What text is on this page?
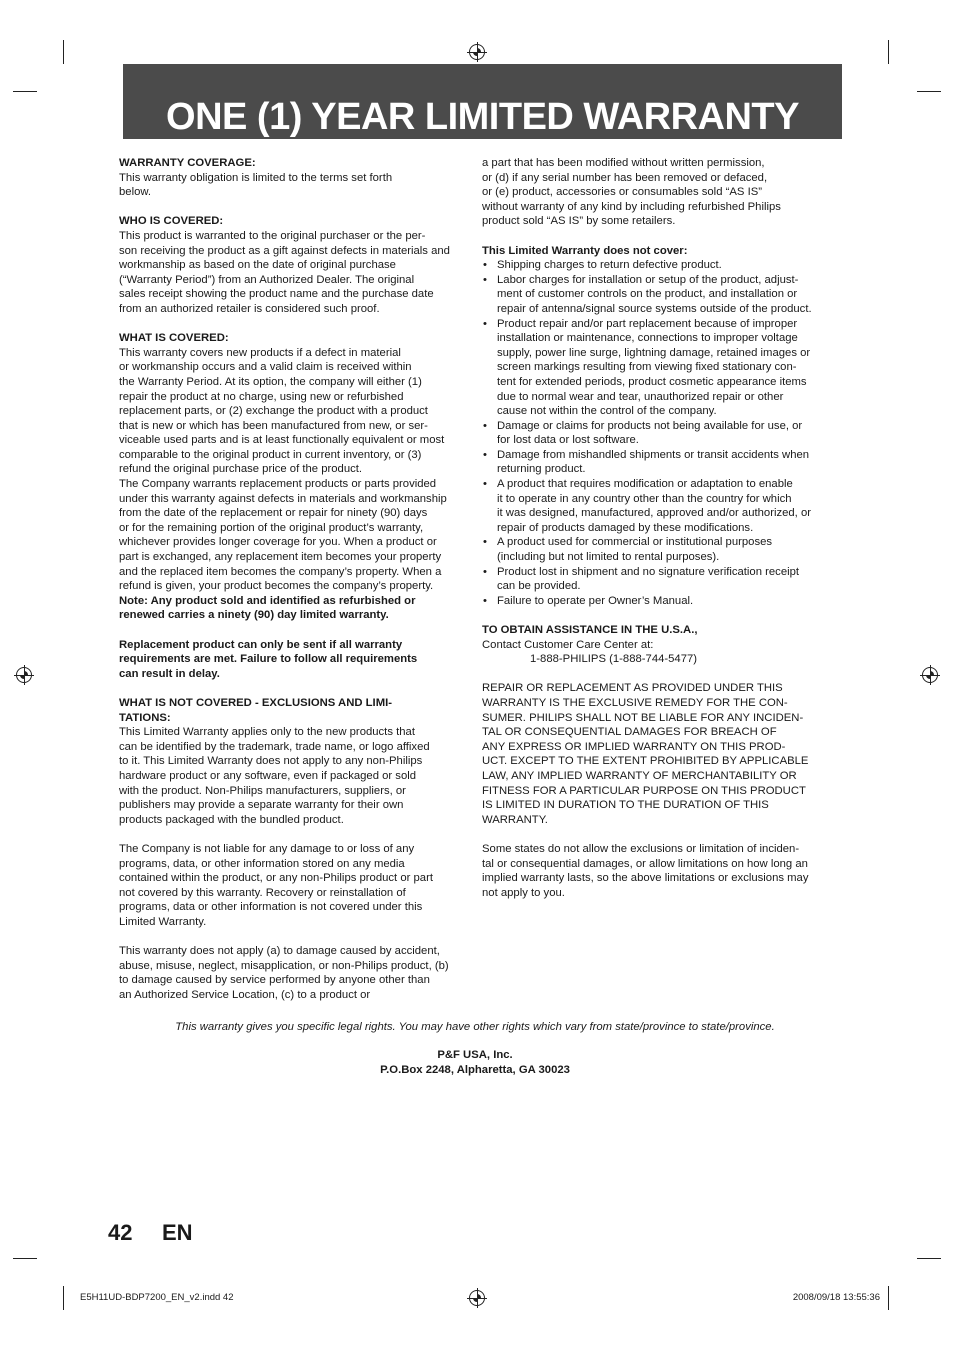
ONE (1) YEAR LIMITED WARRANTY

WARRANTY COVERAGE:

This warranty obligation is limited to the terms set forth
below.

WHO IS COVERED:

This product is warranted to the original purchaser or the per-
son receiving the product as a gift against defects in materials and
workmanship as based on the date of original purchase
(“Warranty Period”) from an Authorized Dealer. The original
sales receipt showing the product name and the purchase date
from an authorized retailer is considered such proof.

WHAT IS COVERED:

This warranty covers new products if a defect in material
or workmanship occurs and a valid claim is received within
the Warranty Period. At its option, the company will either (1)
repair the product at no charge, using new or refurbished
replacement parts, or (2) exchange the product with a product
that is new or which has been manufactured from new, or ser-
viceable used parts and is at least functionally equivalent or most
comparable to the original product in current inventory, or (3)
refund the original purchase price of the product.
The Company warrants replacement products or parts provided
under this warranty against defects in materials and workmanship
from the date of the replacement or repair for ninety (90) days
or for the remaining portion of the original product’s warranty,
whichever provides longer coverage for you. When a product or
part is exchanged, any replacement item becomes your property
and the replaced item becomes the company’s property. When a
refund is given, your product becomes the company’s property.
Note: Any product sold and identified as refurbished or
renewed carries a ninety (90) day limited warranty.
Replacement product can only be sent if all warranty
requirements are met. Failure to follow all requirements
can result in delay.
WHAT IS NOT COVERED - EXCLUSIONS AND LIMI-
TATIONS:
This Limited Warranty applies only to the new products that
can be identified by the trademark, trade name, or logo affixed
to it. This Limited Warranty does not apply to any non-Philips
hardware product or any software, even if packaged or sold
with the product. Non-Philips manufacturers, suppliers, or
publishers may provide a separate warranty for their own
products packaged with the bundled product.
The Company is not liable for any damage to or loss of any
programs, data, or other information stored on any media
contained within the product, or any non-Philips product or part
not covered by this warranty. Recovery or reinstallation of
programs, data or other information is not covered under this
Limited Warranty.
This warranty does not apply (a) to damage caused by accident,
abuse, misuse, neglect, misapplication, or non-Philips product, (b)
to damage caused by service performed by anyone other than
an Authorized Service Location, (c) to a product or
a part that has been modified without written permission,
or (d) if any serial number has been removed or defaced,
or (e) product, accessories or consumables sold “AS IS”
without warranty of any kind by including refurbished Philips
product sold “AS IS” by some retailers.

This Limited Warranty does not cover:

• Shipping charges to return defective product.
• Labor charges for installation or setup of the product, adjust-
ment of customer controls on the product, and installation or
repair of antenna/signal source systems outside of the product.
• Product repair and/or part replacement because of improper
installation or maintenance, connections to improper voltage
supply, power line surge, lightning damage, retained images or
screen markings resulting from viewing fixed stationary con-
tent for extended periods, product cosmetic appearance items
due to normal wear and tear, unauthorized repair or other
cause not within the control of the company.
• Damage or claims for products not being available for use, or
for lost data or lost software.
• Damage from mishandled shipments or transit accidents when
returning product.
• A product that requires modification or adaptation to enable
it to operate in any country other than the country for which
it was designed, manufactured, approved and/or authorized, or
repair of products damaged by these modifications.
• A product used for commercial or institutional purposes
(including but not limited to rental purposes).
• Product lost in shipment and no signature verification receipt
can be provided.
• Failure to operate per Owner’s Manual.

TO OBTAIN ASSISTANCE IN THE U.S.A.,

Contact Customer Care Center at:

1-888-PHILIPS (1-888-744-5477)

REPAIR OR REPLACEMENT AS PROVIDED UNDER THIS
WARRANTY IS THE EXCLUSIVE REMEDY FOR THE CON-
SUMER. PHILIPS SHALL NOT BE LIABLE FOR ANY INCIDEN-
TAL OR CONSEQUENTIAL DAMAGES FOR BREACH OF
ANY EXPRESS OR IMPLIED WARRANTY ON THIS PROD-
UCT. EXCEPT TO THE EXTENT PROHIBITED BY APPLICABLE
LAW, ANY IMPLIED WARRANTY OF MERCHANTABILITY OR
FITNESS FOR A PARTICULAR PURPOSE ON THIS PRODUCT
IS LIMITED IN DURATION TO THE DURATION OF THIS
WARRANTY.
Some states do not allow the exclusions or limitation of inciden-
tal or consequential damages, or allow limitations on how long an
implied warranty lasts, so the above limitations or exclusions may
not apply to you.
This warranty gives you specific legal rights. You may have other rights which vary from state/province to state/province.
P&F USA, Inc.
P.O.Box 2248, Alpharetta, GA 30023
42 EN
E5H11UD-BDP7200_EN_v2.indd 42	2008/09/18 13:55:36
